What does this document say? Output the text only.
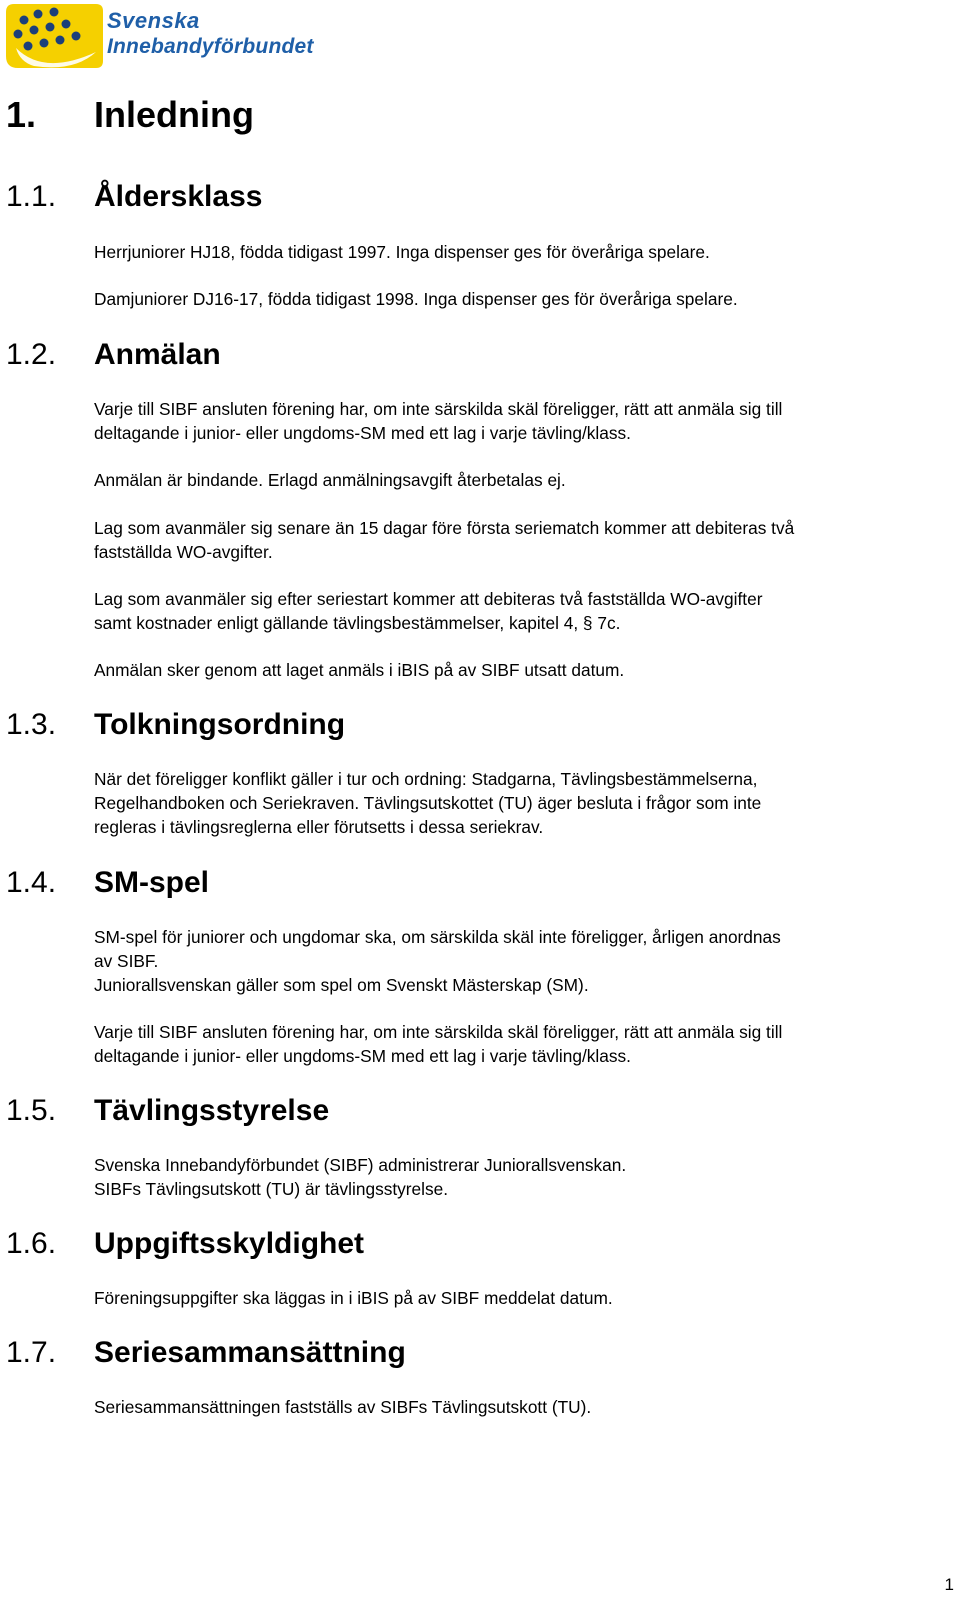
Svenska
Innebandyförbundet
1. Inledning
1.1. Åldersklass
Herrjuniorer HJ18, födda tidigast 1997. Inga dispenser ges för överåriga spelare.
Damjuniorer DJ16-17, födda tidigast 1998. Inga dispenser ges för överåriga spelare.
1.2. Anmälan
Varje till SIBF ansluten förening har, om inte särskilda skäl föreligger, rätt att anmäla sig till
deltagande i junior- eller ungdoms-SM med ett lag i varje tävling/klass.
Anmälan är bindande. Erlagd anmälningsavgift återbetalas ej.
Lag som avanmäler sig senare än 15 dagar före första seriematch kommer att debiteras två
fastställda WO-avgifter.
Lag som avanmäler sig efter seriestart kommer att debiteras två fastställda WO-avgifter
samt kostnader enligt gällande tävlingsbestämmelser, kapitel 4, § 7c.
Anmälan sker genom att laget anmäls i iBIS på av SIBF utsatt datum.
1.3. Tolkningsordning
När det föreligger konflikt gäller i tur och ordning: Stadgarna, Tävlingsbestämmelserna,
Regelhandboken och Seriekraven. Tävlingsutskottet (TU) äger besluta i frågor som inte
regleras i tävlingsreglerna eller förutsetts i dessa seriekrav.
1.4. SM-spel
SM-spel för juniorer och ungdomar ska, om särskilda skäl inte föreligger, årligen anordnas
av SIBF.
Juniorallsvenskan gäller som spel om Svenskt Mästerskap (SM).
Varje till SIBF ansluten förening har, om inte särskilda skäl föreligger, rätt att anmäla sig till
deltagande i junior- eller ungdoms-SM med ett lag i varje tävling/klass.
1.5. Tävlingsstyrelse
Svenska Innebandyförbundet (SIBF) administrerar Juniorallsvenskan.
SIBFs Tävlingsutskott (TU) är tävlingsstyrelse.
1.6. Uppgiftsskyldighet
Föreningsuppgifter ska läggas in i iBIS på av SIBF meddelat datum.
1.7. Seriesammansättning
Seriesammansättningen fastställs av SIBFs Tävlingsutskott (TU).
1
